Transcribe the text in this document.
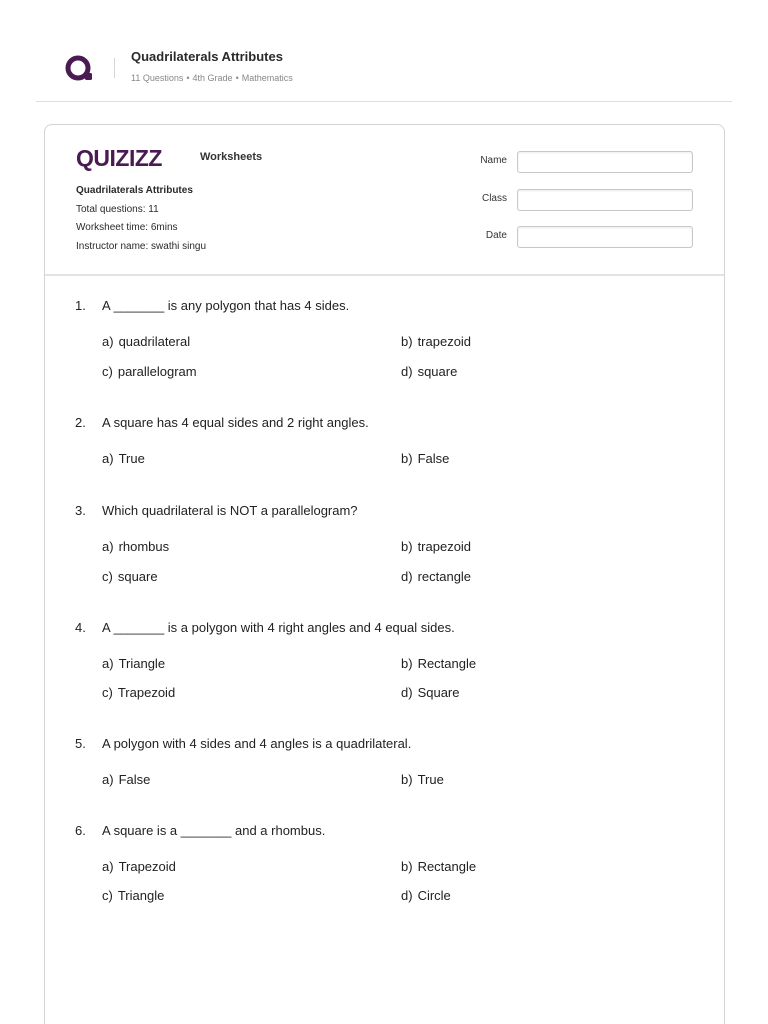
Quadrilaterals Attributes
11 Questions • 4th Grade • Mathematics
QUIZIZZ	Worksheets
Quadrilaterals Attributes
Total questions: 11
Worksheet time: 6mins
Instructor name: swathi singu
Name
Class
Date
1. A _______ is any polygon that has 4 sides.
a) quadrilateral	b) trapezoid
c) parallelogram	d) square
2. A square has 4 equal sides and 2 right angles.
a) True	b) False
3. Which quadrilateral is NOT a parallelogram?
a) rhombus	b) trapezoid
c) square	d) rectangle
4. A _______ is a polygon with 4 right angles and 4 equal sides.
a) Triangle	b) Rectangle
c) Trapezoid	d) Square
5. A polygon with 4 sides and 4 angles is a quadrilateral.
a) False	b) True
6. A square is a _______ and a rhombus.
a) Trapezoid	b) Rectangle
c) Triangle	d) Circle
